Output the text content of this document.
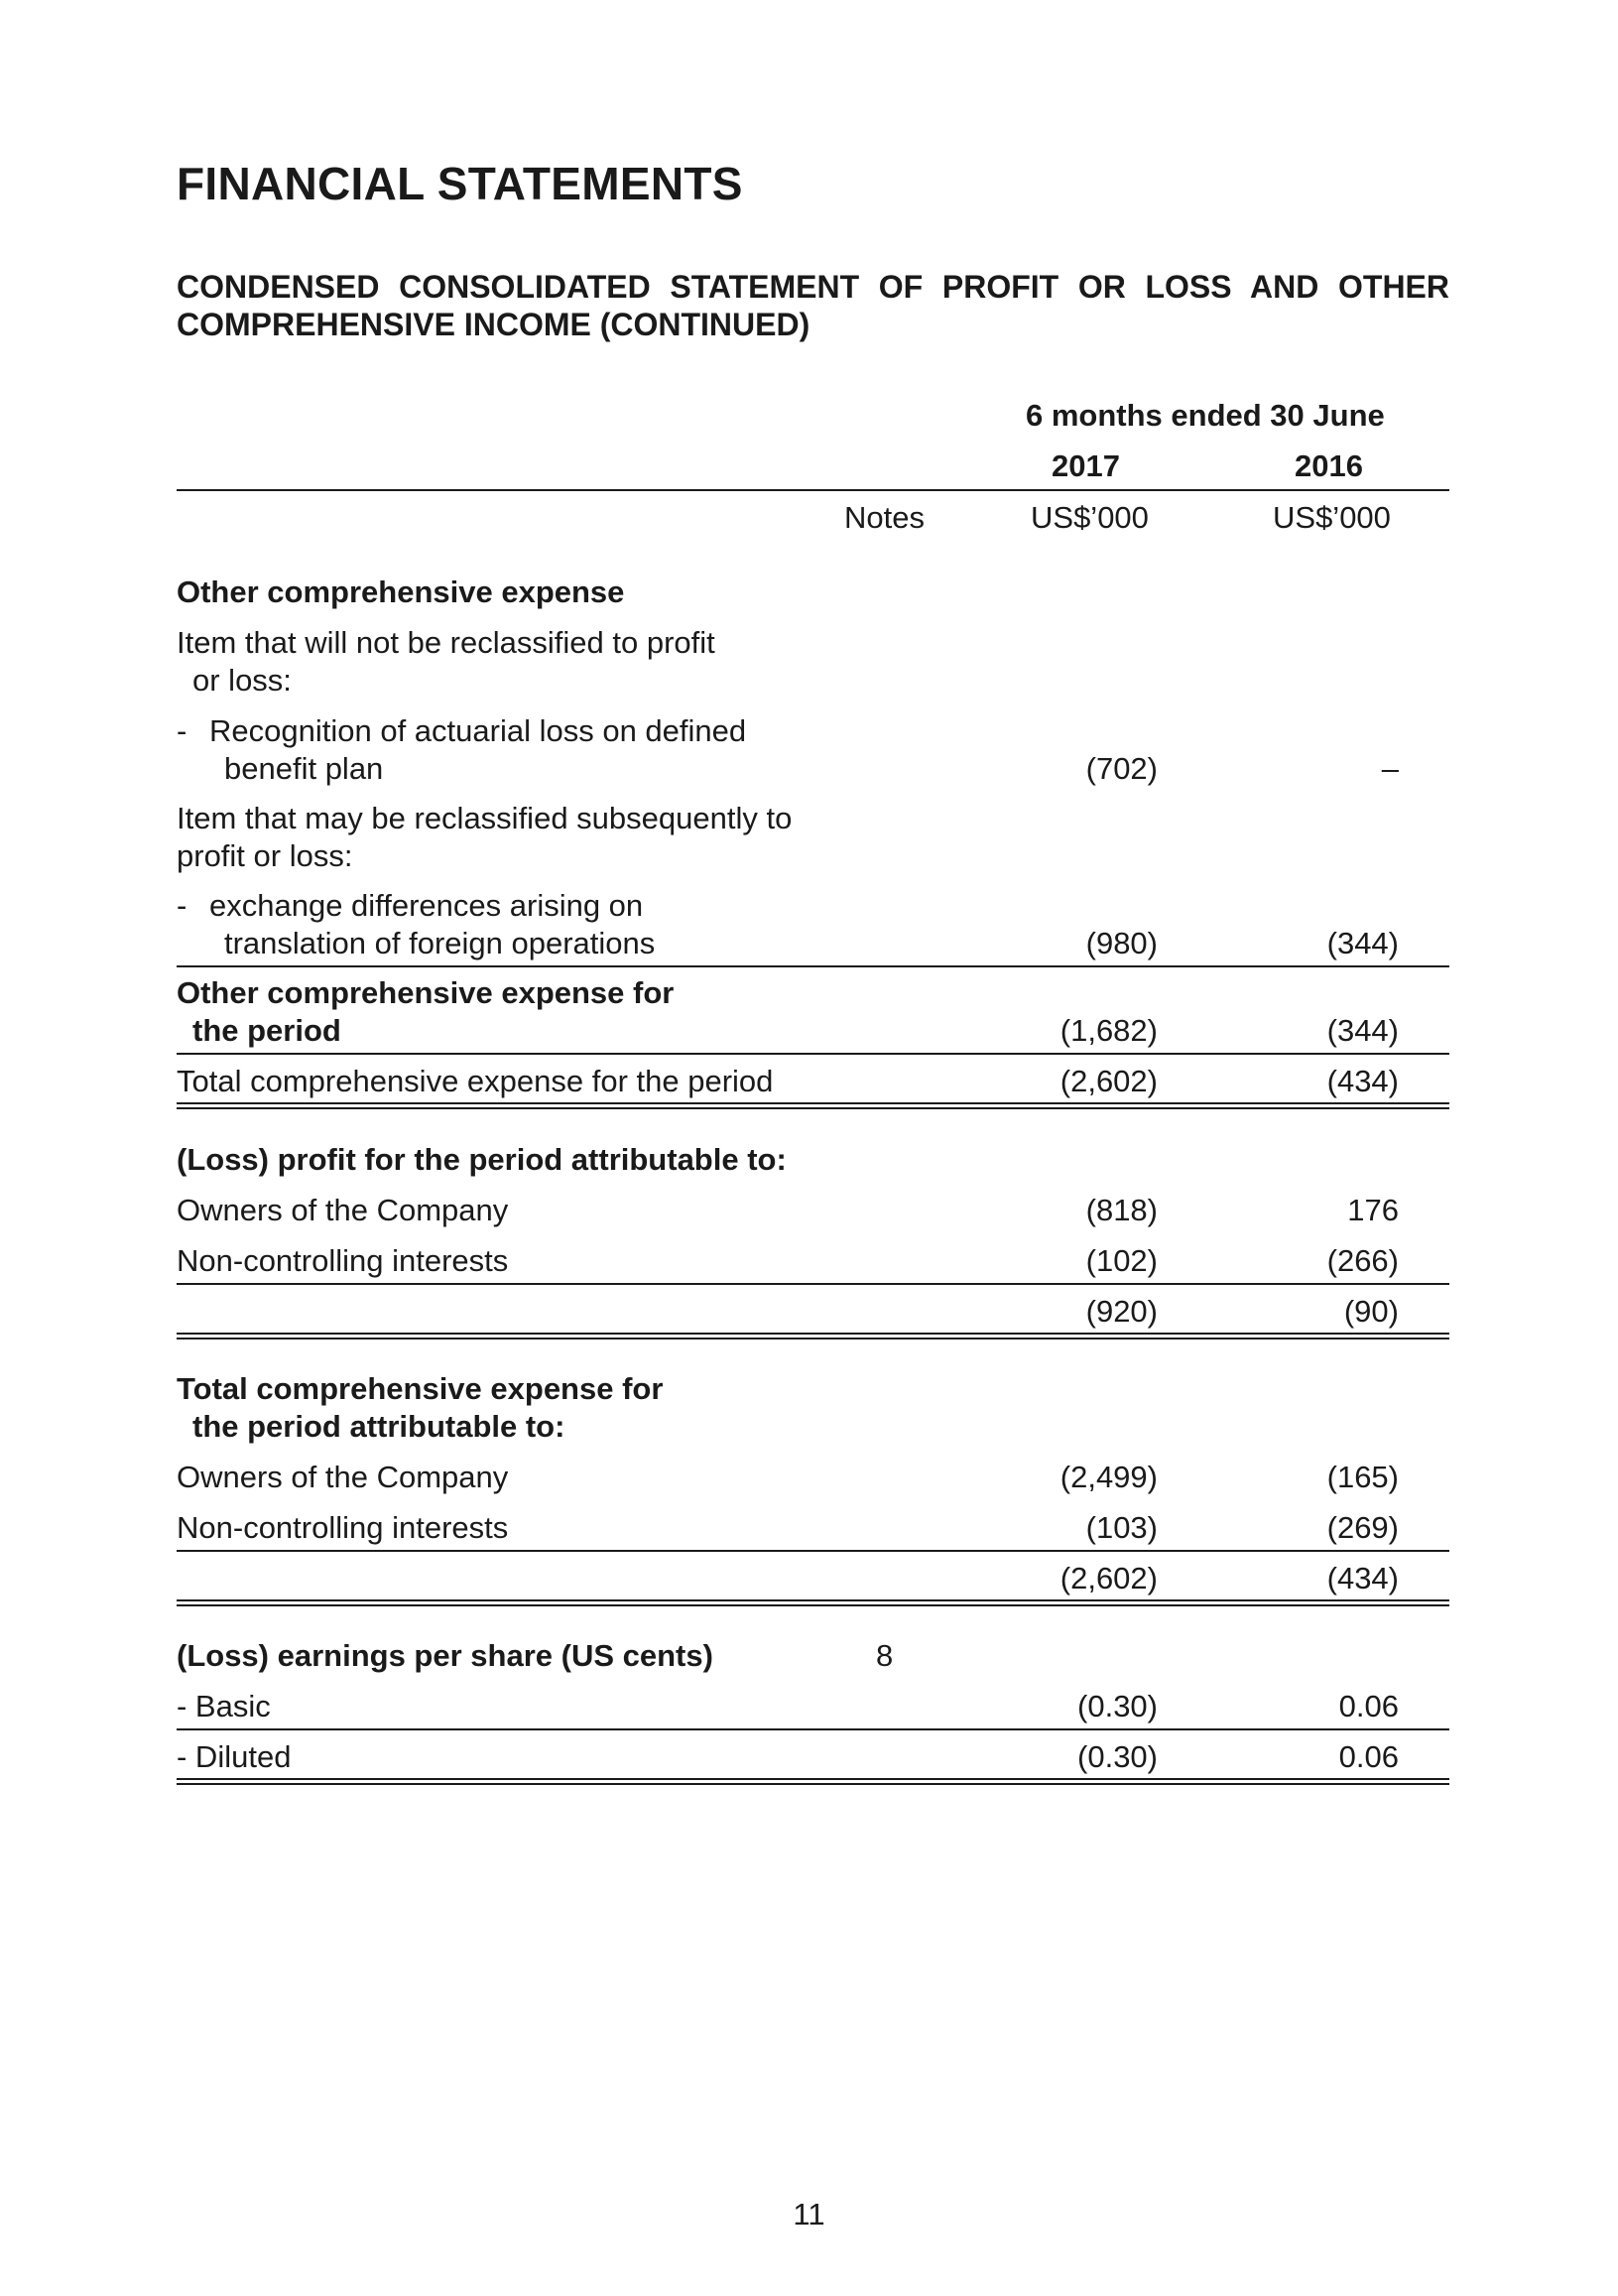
FINANCIAL STATEMENTS
CONDENSED CONSOLIDATED STATEMENT OF PROFIT OR LOSS AND OTHER
COMPREHENSIVE INCOME (CONTINUED)
6 months ended 30 June
2017	2016
Notes	US$’000	US$’000
Other comprehensive expense
Item that will not be reclassified to profit
or loss:
- Recognition of actuarial loss on defined
benefit plan	(702)	–
Item that may be reclassified subsequently to
profit or loss:
- exchange differences arising on
translation of foreign operations	(980)	(344)
Other comprehensive expense for
the period	(1,682)	(344)
Total comprehensive expense for the period	(2,602)	(434)
(Loss) profit for the period attributable to:
Owners of the Company	(818)	176
Non-controlling interests	(102)	(266)
(920)	(90)
Total comprehensive expense for
the period attributable to:
Owners of the Company	(2,499)	(165)
Non-controlling interests	(103)	(269)
(2,602)	(434)
(Loss) earnings per share (US cents)	8
- Basic	(0.30)	0.06
- Diluted	(0.30)	0.06
11
